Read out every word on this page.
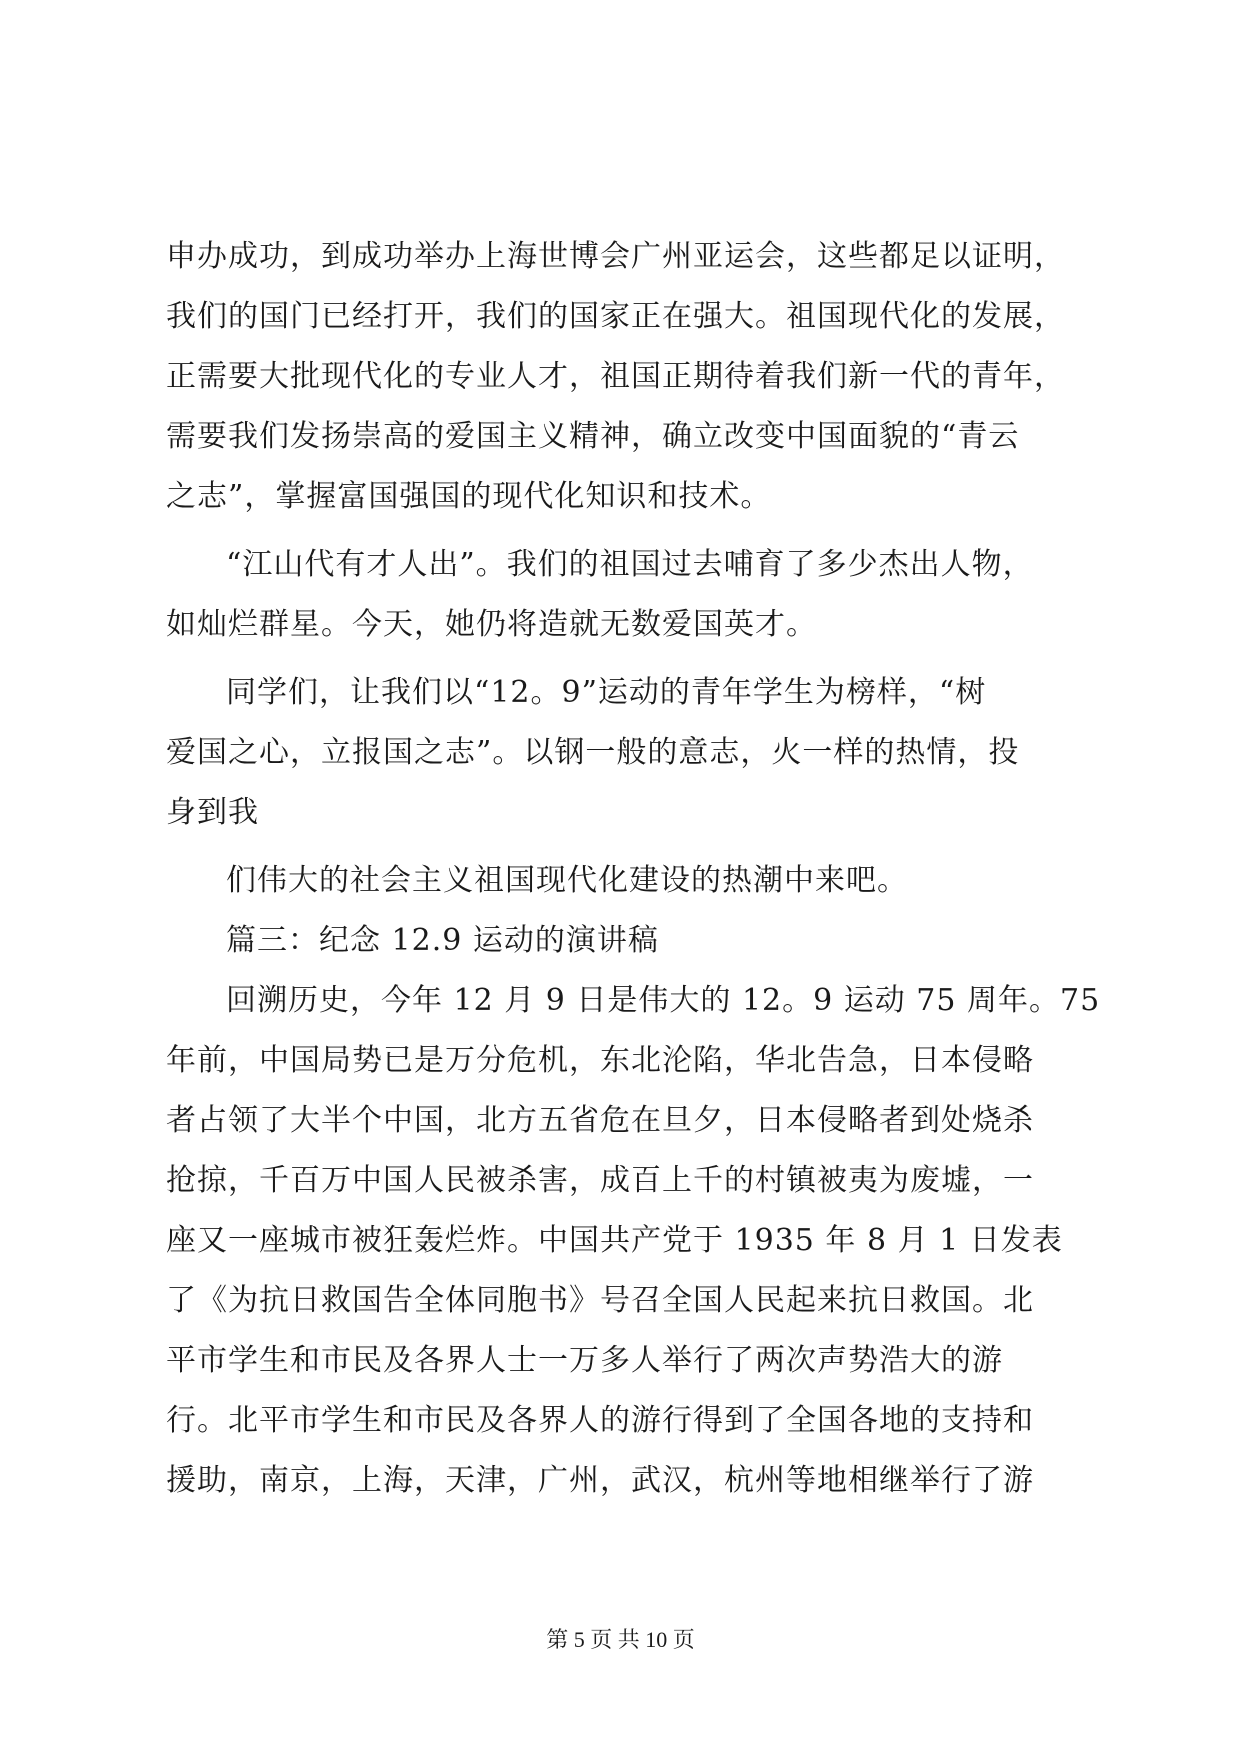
申办成功，到成功举办上海世博会广州亚运会，这些都足以证明，
我们的国门已经打开，我们的国家正在强大。祖国现代化的发展，
正需要大批现代化的专业人才，祖国正期待着我们新一代的青年，
需要我们发扬崇高的爱国主义精神，确立改变中国面貌的“青云
之志”，掌握富国强国的现代化知识和技术。
“江山代有才人出”。我们的祖国过去哺育了多少杰出人物，
如灿烂群星。今天，她仍将造就无数爱国英才。
同学们，让我们以“12。9”运动的青年学生为榜样，“树
爱国之心，立报国之志”。以钢一般的意志，火一样的热情，投
身到我
们伟大的社会主义祖国现代化建设的热潮中来吧。
篇三：纪念 12.9 运动的演讲稿
回溯历史，今年 12 月 9 日是伟大的 12。9 运动 75 周年。75
年前，中国局势已是万分危机，东北沦陷，华北告急，日本侵略
者占领了大半个中国，北方五省危在旦夕，日本侵略者到处烧杀
抢掠，千百万中国人民被杀害，成百上千的村镇被夷为废墟，一
座又一座城市被狂轰烂炸。中国共产党于 1935 年 8 月 1 日发表
了《为抗日救国告全体同胞书》号召全国人民起来抗日救国。北
平市学生和市民及各界人士一万多人举行了两次声势浩大的游
行。北平市学生和市民及各界人的游行得到了全国各地的支持和
援助，南京，上海，天津，广州，武汉，杭州等地相继举行了游
第 5 页 共 10 页
